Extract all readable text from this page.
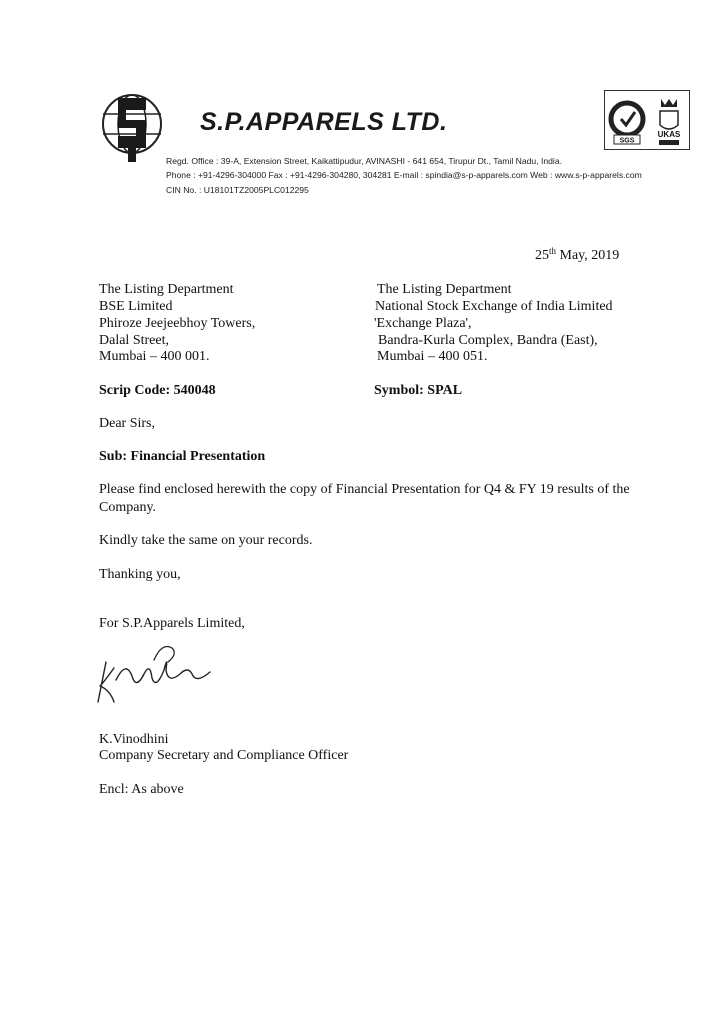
S.P.APPARELS LTD.
Regd. Office : 39-A, Extension Street, Kaikattipudur, AVINASHI - 641 654, Tirupur Dt., Tamil Nadu, India.
Phone : +91-4296-304000 Fax : +91-4296-304280, 304281 E-mail : spindia@s-p-apparels.com Web : www.s-p-apparels.com
CIN No. : U18101TZ2005PLC012295
SGS
UKAS
25th May, 2019
The Listing Department
BSE Limited
Phiroze Jeejeebhoy Towers,
Dalal Street,
Mumbai – 400 001.
Scrip Code: 540048
The Listing Department
National Stock Exchange of India Limited
'Exchange Plaza',
Bandra-Kurla Complex, Bandra (East),
Mumbai – 400 051.
Symbol: SPAL
Dear Sirs,
Sub: Financial Presentation
Please find enclosed herewith the copy of Financial Presentation for Q4 & FY 19 results of the Company.
Kindly take the same on your records.
Thanking you,
For S.P.Apparels Limited,
K.Vinodhini
Company Secretary and Compliance Officer
Encl: As above
